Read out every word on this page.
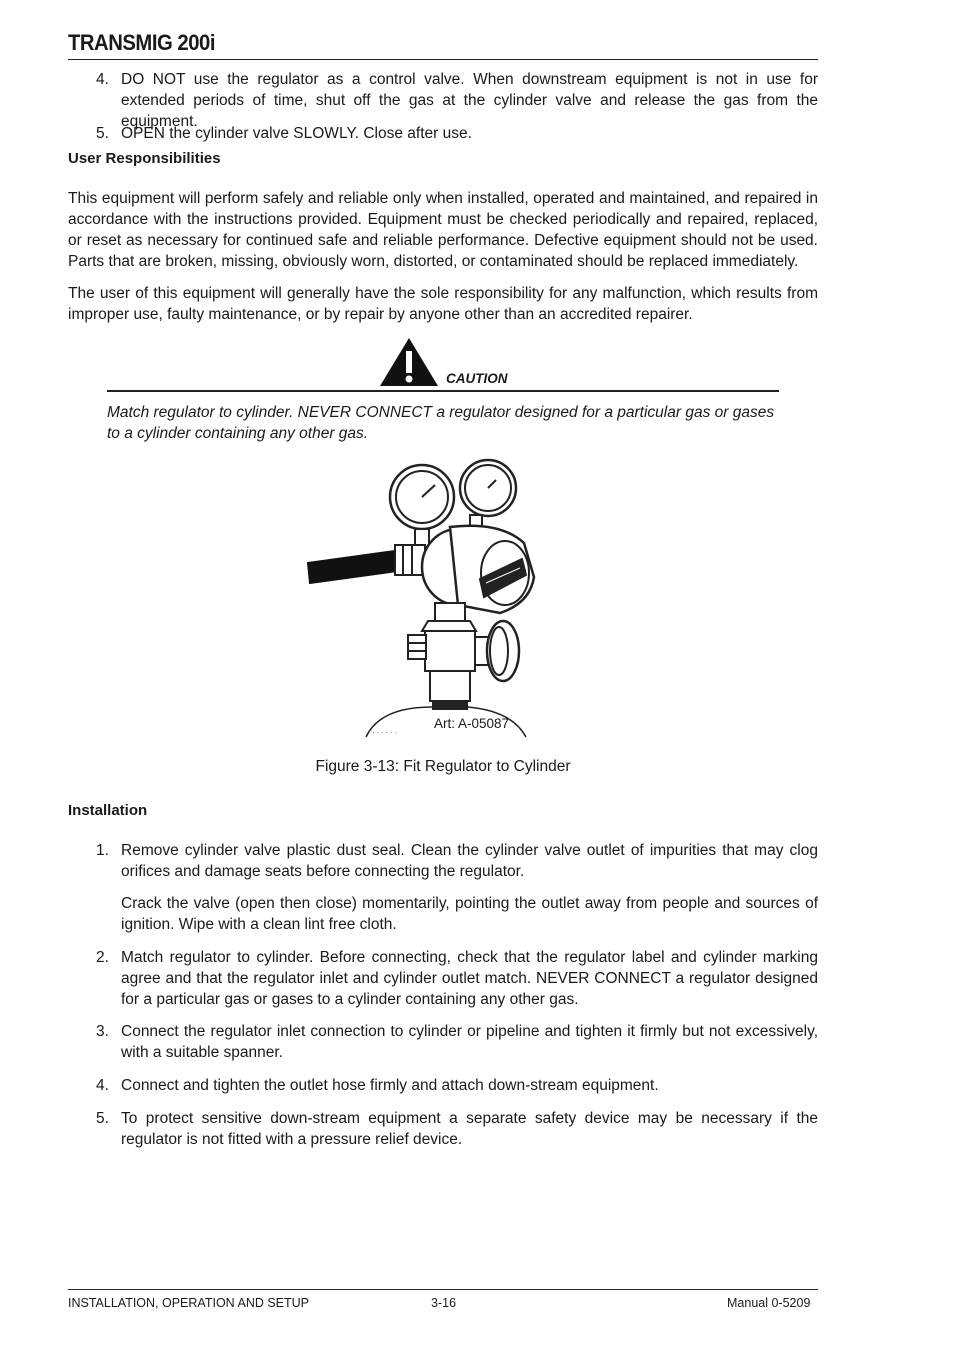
TRANSMIG 200i
4. DO NOT use the regulator as a control valve. When downstream equipment is not in use for extended periods of time, shut off the gas at the cylinder valve and release the gas from the equipment.

5. OPEN the cylinder valve SLOWLY. Close after use.

User Responsibilities

This equipment will perform safely and reliable only when installed, operated and maintained, and repaired in accordance with the instructions provided. Equipment must be checked periodically and repaired, replaced, or reset as necessary for continued safe and reliable performance. Defective equipment should not be used. Parts that are broken, missing, obviously worn, distorted, or contaminated should be replaced immediately.

The user of this equipment will generally have the sole responsibility for any malfunction, which results from improper use, faulty maintenance, or by repair by anyone other than an accredited repairer.

CAUTION

Match regulator to cylinder. NEVER CONNECT a regulator designed for a particular gas or gases to a cylinder containing any other gas.

· · · · · · ·
Art: A-05087
Figure 3-13: Fit Regulator to Cylinder
Installation
1. Remove cylinder valve plastic dust seal. Clean the cylinder valve outlet of impurities that may clog orifices and damage seats before connecting the regulator.

Crack the valve (open then close) momentarily, pointing the outlet away from people and sources of ignition. Wipe with a clean lint free cloth.

2. Match regulator to cylinder. Before connecting, check that the regulator label and cylinder marking agree and that the regulator inlet and cylinder outlet match. NEVER CONNECT a regulator designed for a particular gas or gases to a cylinder containing any other gas.

3. Connect the regulator inlet connection to cylinder or pipeline and tighten it firmly but not excessively, with a suitable spanner.

4. Connect and tighten the outlet hose firmly and attach down-stream equipment.

5. To protect sensitive down-stream equipment a separate safety device may be necessary if the regulator is not fitted with a pressure relief device.

INSTALLATION, OPERATION AND SETUP	3-16	Manual 0-5209
